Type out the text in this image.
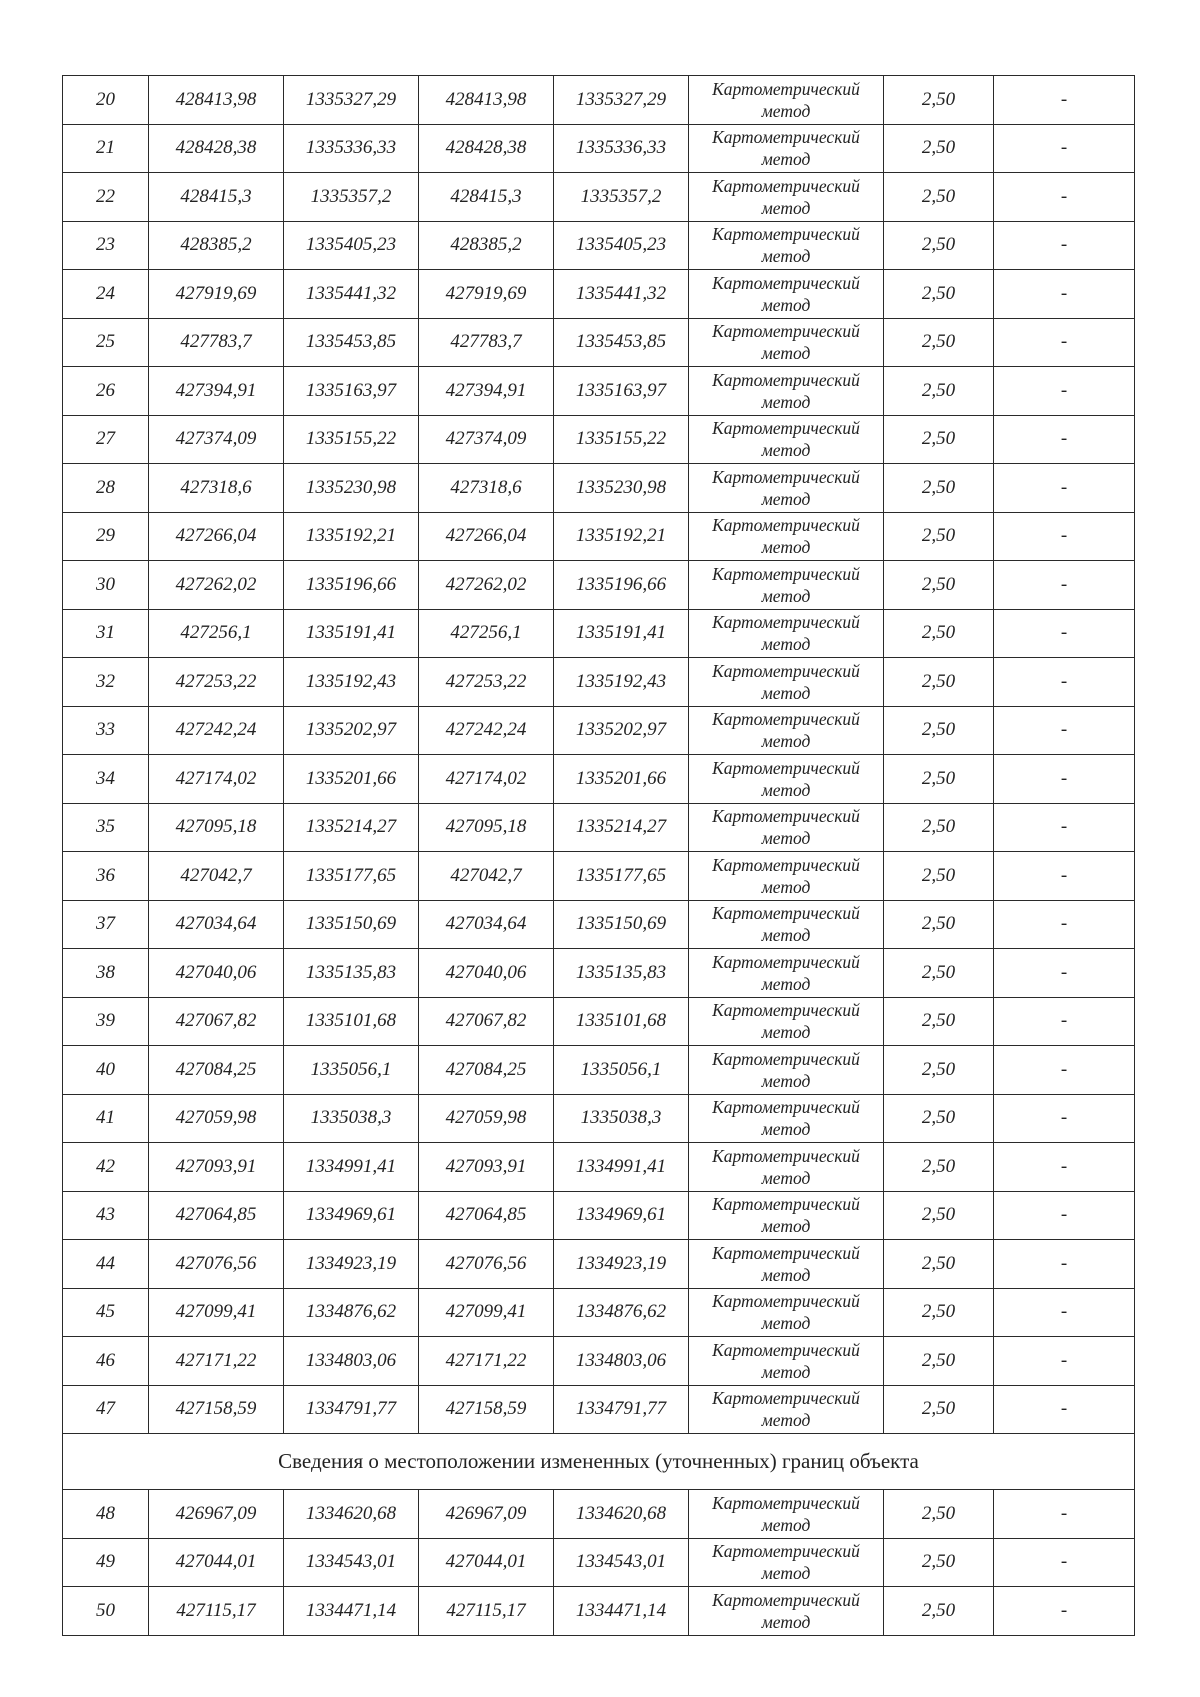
20	428413,98	1335327,29	428413,98	1335327,29	Картометрический метод	2,50	-
21	428428,38	1335336,33	428428,38	1335336,33	Картометрический метод	2,50	-
22	428415,3	1335357,2	428415,3	1335357,2	Картометрический метод	2,50	-
23	428385,2	1335405,23	428385,2	1335405,23	Картометрический метод	2,50	-
24	427919,69	1335441,32	427919,69	1335441,32	Картометрический метод	2,50	-
25	427783,7	1335453,85	427783,7	1335453,85	Картометрический метод	2,50	-
26	427394,91	1335163,97	427394,91	1335163,97	Картометрический метод	2,50	-
27	427374,09	1335155,22	427374,09	1335155,22	Картометрический метод	2,50	-
28	427318,6	1335230,98	427318,6	1335230,98	Картометрический метод	2,50	-
29	427266,04	1335192,21	427266,04	1335192,21	Картометрический метод	2,50	-
30	427262,02	1335196,66	427262,02	1335196,66	Картометрический метод	2,50	-
31	427256,1	1335191,41	427256,1	1335191,41	Картометрический метод	2,50	-
32	427253,22	1335192,43	427253,22	1335192,43	Картометрический метод	2,50	-
33	427242,24	1335202,97	427242,24	1335202,97	Картометрический метод	2,50	-
34	427174,02	1335201,66	427174,02	1335201,66	Картометрический метод	2,50	-
35	427095,18	1335214,27	427095,18	1335214,27	Картометрический метод	2,50	-
36	427042,7	1335177,65	427042,7	1335177,65	Картометрический метод	2,50	-
37	427034,64	1335150,69	427034,64	1335150,69	Картометрический метод	2,50	-
38	427040,06	1335135,83	427040,06	1335135,83	Картометрический метод	2,50	-
39	427067,82	1335101,68	427067,82	1335101,68	Картометрический метод	2,50	-
40	427084,25	1335056,1	427084,25	1335056,1	Картометрический метод	2,50	-
41	427059,98	1335038,3	427059,98	1335038,3	Картометрический метод	2,50	-
42	427093,91	1334991,41	427093,91	1334991,41	Картометрический метод	2,50	-
43	427064,85	1334969,61	427064,85	1334969,61	Картометрический метод	2,50	-
44	427076,56	1334923,19	427076,56	1334923,19	Картометрический метод	2,50	-
45	427099,41	1334876,62	427099,41	1334876,62	Картометрический метод	2,50	-
46	427171,22	1334803,06	427171,22	1334803,06	Картометрический метод	2,50	-
47	427158,59	1334791,77	427158,59	1334791,77	Картометрический метод	2,50	-
Сведения о местоположении измененных (уточненных) границ объекта							
48	426967,09	1334620,68	426967,09	1334620,68	Картометрический метод	2,50	-
49	427044,01	1334543,01	427044,01	1334543,01	Картометрический метод	2,50	-
50	427115,17	1334471,14	427115,17	1334471,14	Картометрический метод	2,50	-
